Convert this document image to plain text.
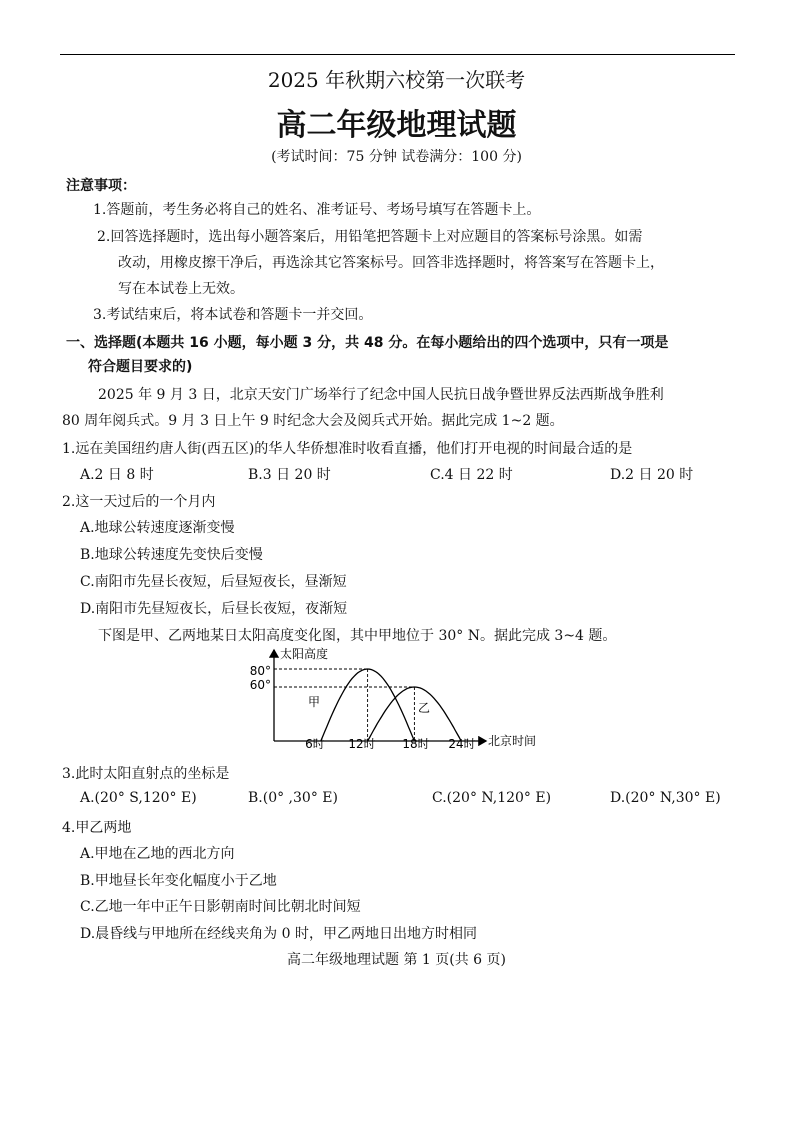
2025 年秋期六校第一次联考
高二年级地理试题
(考试时间：75 分钟 试卷满分：100 分)
注意事项：
1.答题前，考生务必将自己的姓名、准考证号、考场号填写在答题卡上。
2.回答选择题时，选出每小题答案后，用铅笔把答题卡上对应题目的答案标号涂黑。如需
改动，用橡皮擦干净后，再选涂其它答案标号。回答非选择题时，将答案写在答题卡上，
写在本试卷上无效。
3.考试结束后，将本试卷和答题卡一并交回。
一、选择题(本题共 16 小题，每小题 3 分，共 48 分。在每小题给出的四个选项中，只有一项是
符合题目要求的)
2025 年 9 月 3 日，北京天安门广场举行了纪念中国人民抗日战争暨世界反法西斯战争胜利
80 周年阅兵式。9 月 3 日上午 9 时纪念大会及阅兵式开始。据此完成 1~2 题。
1.远在美国纽约唐人街(西五区)的华人华侨想准时收看直播，他们打开电视的时间最合适的是
A.2 日 8 时	B.3 日 20 时	C.4 日 22 时	D.2 日 20 时
2.这一天过后的一个月内
A.地球公转速度逐渐变慢
B.地球公转速度先变快后变慢
C.南阳市先昼长夜短，后昼短夜长，昼渐短
D.南阳市先昼短夜长，后昼长夜短，夜渐短
下图是甲、乙两地某日太阳高度变化图，其中甲地位于 30° N。据此完成 3~4 题。
太阳高度
北京时间
80°
60°
6时 12时 18时 24时
甲	乙
3.此时太阳直射点的坐标是
A.(20° S,120° E)	B.(0° ,30° E)	C.(20° N,120° E)	D.(20° N,30° E)
4.甲乙两地
A.甲地在乙地的西北方向
B.甲地昼长年变化幅度小于乙地
C.乙地一年中正午日影朝南时间比朝北时间短
D.晨昏线与甲地所在经线夹角为 0 时，甲乙两地日出地方时相同
高二年级地理试题 第 1 页(共 6 页)
